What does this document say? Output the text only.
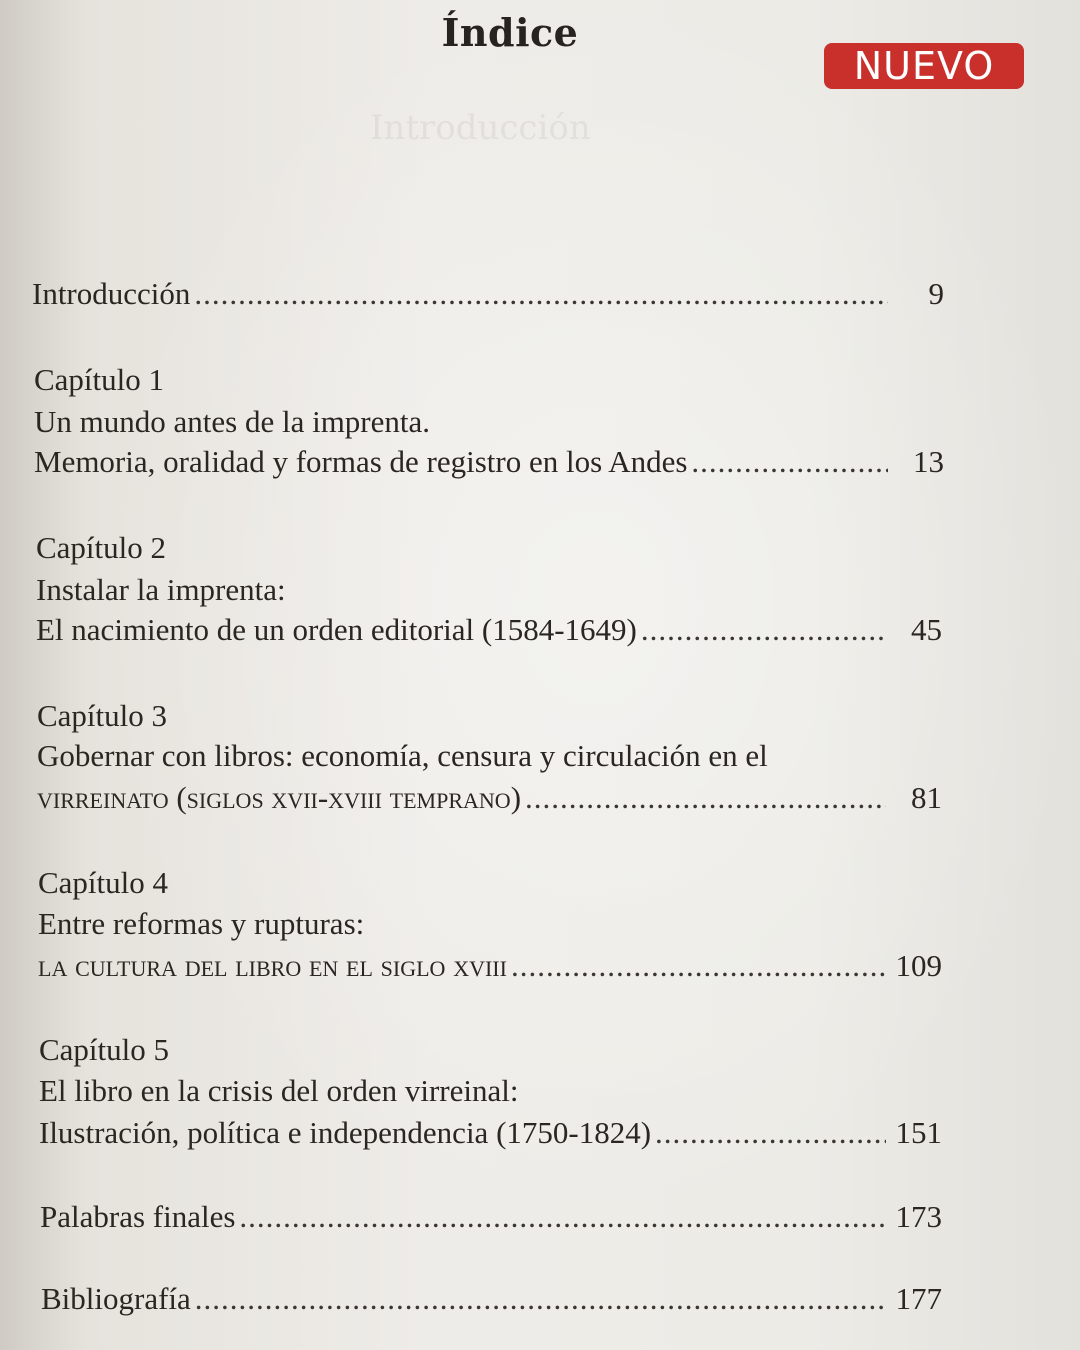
Introducción
Índice
NUEVO
Introducción .....	9
Capítulo 1
Un mundo antes de la imprenta.
Memoria, oralidad y formas de registro en los Andes .....	13
Capítulo 2
Instalar la imprenta:
El nacimiento de un orden editorial (1584-1649) .....	45
Capítulo 3
Gobernar con libros: economía, censura y circulación en el
virreinato (siglos xvii-xviii temprano) .....	81
Capítulo 4
Entre reformas y rupturas:
la cultura del libro en el siglo xviii .....	109
Capítulo 5
El libro en la crisis del orden virreinal:
Ilustración, política e independencia (1750-1824) .....	151
Palabras finales .....	173
Bibliografía .....	177
